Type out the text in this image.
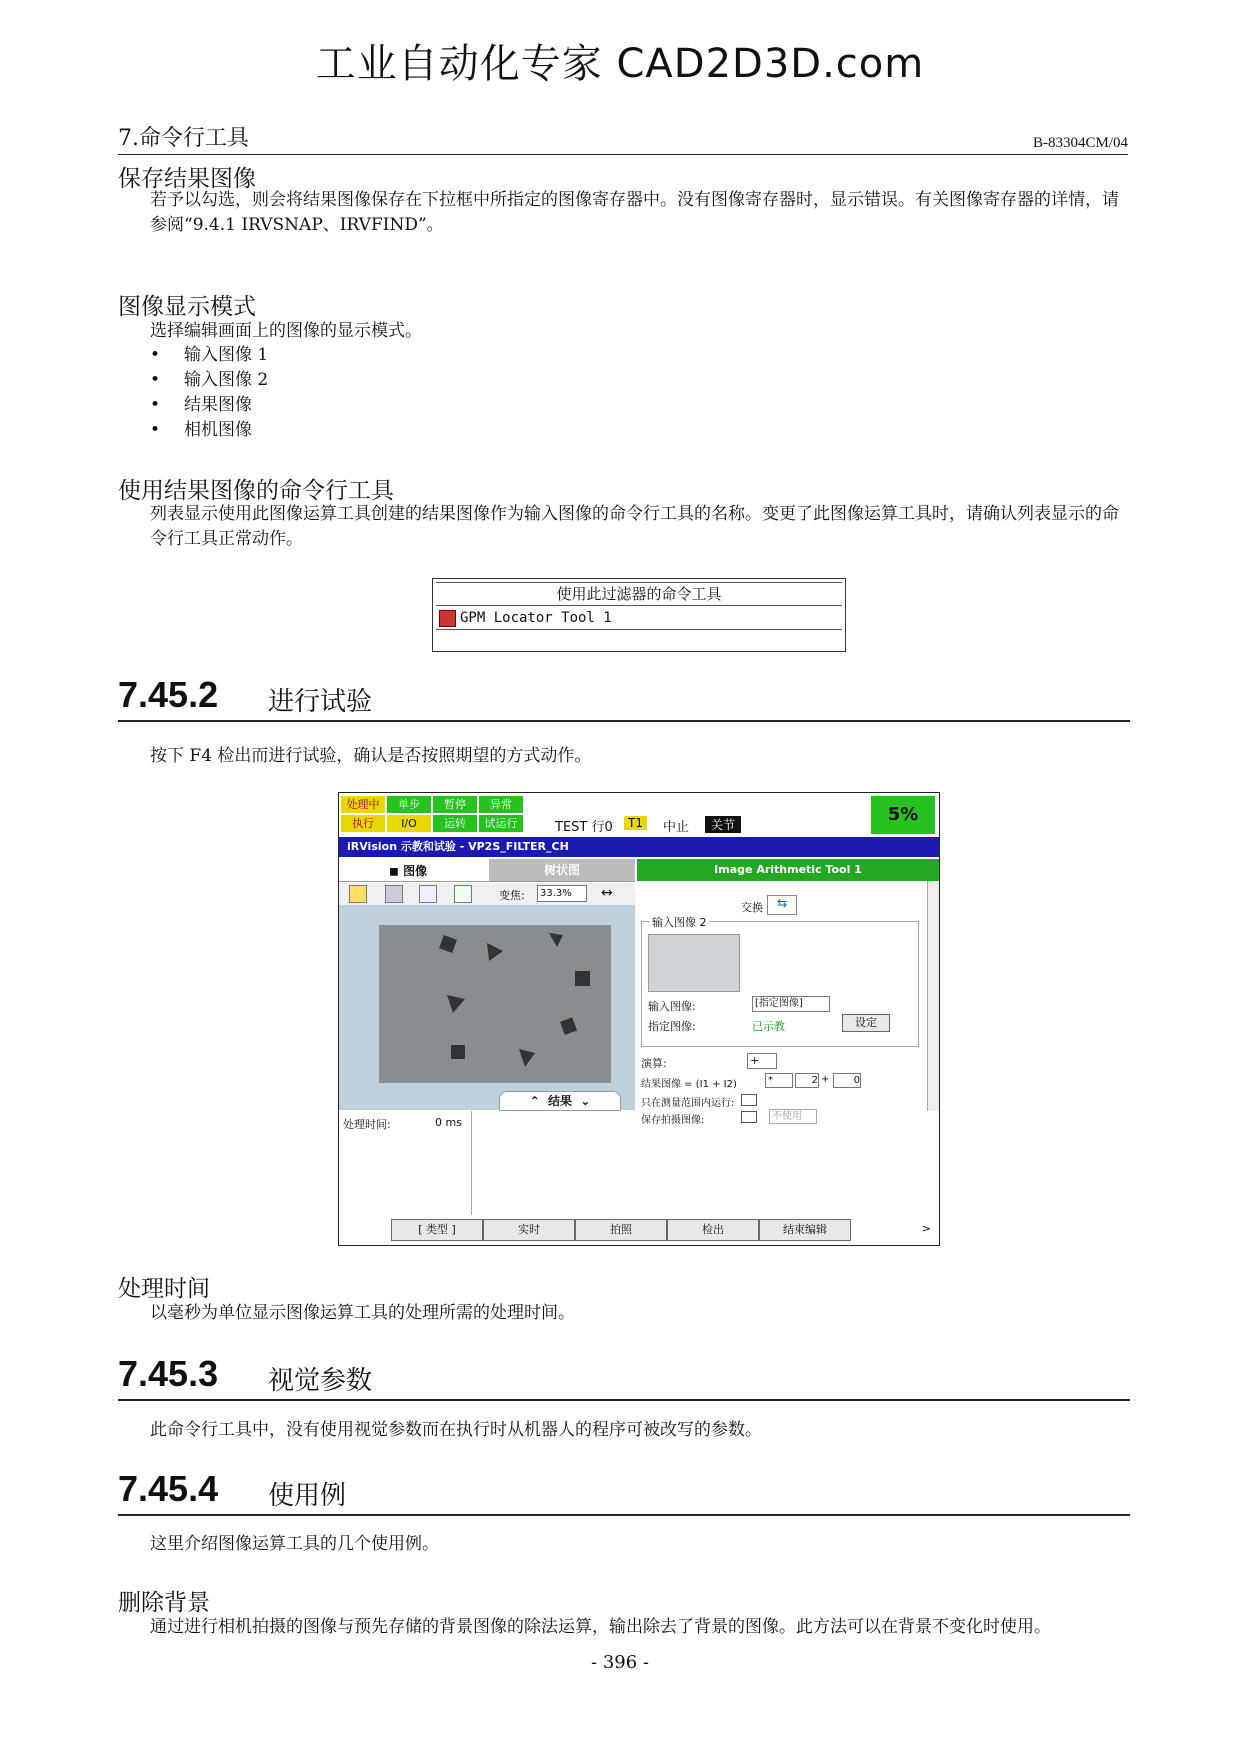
工业自动化专家 CAD2D3D.com
7.命令行工具	B-83304CM/04
保存结果图像
若予以勾选，则会将结果图像保存在下拉框中所指定的图像寄存器中。没有图像寄存器时，显示错误。有关图像寄存器的详情，请参阅“9.4.1 IRVSNAP、IRVFIND”。
图像显示模式
选择编辑画面上的图像的显示模式。
• 输入图像 1
• 输入图像 2
• 结果图像
• 相机图像
使用结果图像的命令行工具
列表显示使用此图像运算工具创建的结果图像作为输入图像的命令行工具的名称。变更了此图像运算工具时，请确认列表显示的命令行工具正常动作。
使用此过滤器的命令工具
GPM Locator Tool 1
7.45.2 进行试验
按下 F4 检出而进行试验，确认是否按照期望的方式动作。
处理中	单步	暂停	异常
执行	I/O	运转	试运行	TEST 行0	T1	中止	关节	5%
iRVision 示教和试验 - VP2S_FILTER_CH
◼ 图像	树状图
变焦:	33.3%	↔
⌃ 结果 ⌄
处理时间:	0 ms
Image Arithmetic Tool 1
交换	⇆
输入图像 2
输入图像:	[指定图像]
指定图像:	已示教	设定
演算:	+
结果图像 = (I1 + I2)	*	2 +	0
只在测量范围内运行:
保存拍摄图像:	不使用
[ 类型 ]	实时	拍照	检出	结束编辑	>
处理时间
以毫秒为单位显示图像运算工具的处理所需的处理时间。
7.45.3 视觉参数
此命令行工具中，没有使用视觉参数而在执行时从机器人的程序可被改写的参数。
7.45.4 使用例
这里介绍图像运算工具的几个使用例。
删除背景
通过进行相机拍摄的图像与预先存储的背景图像的除法运算，输出除去了背景的图像。此方法可以在背景不变化时使用。
- 396 -
